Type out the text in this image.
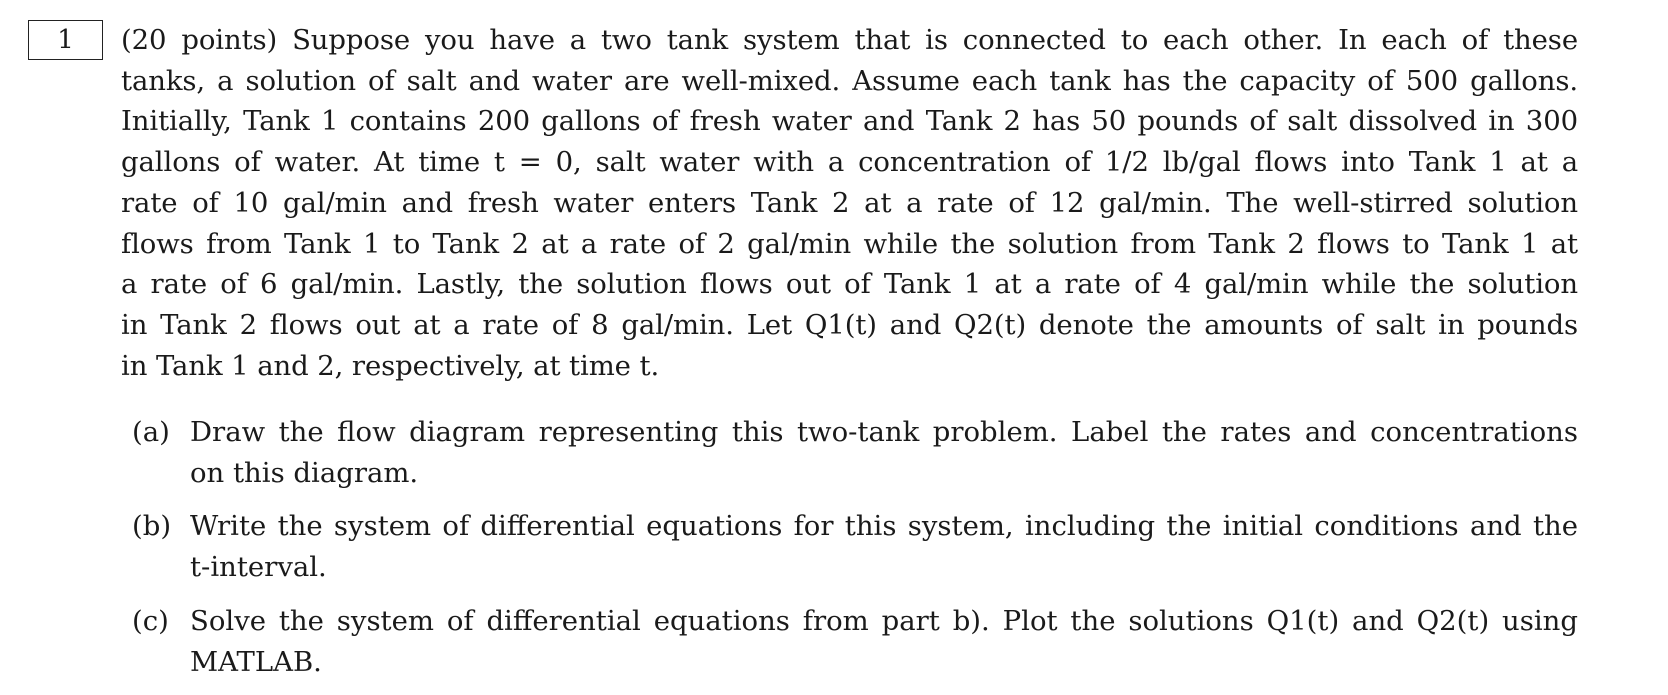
1	(20 points) Suppose you have a two tank system that is connected to each other. In each of these
tanks, a solution of salt and water are well-mixed. Assume each tank has the capacity of 500 gallons.
Initially, Tank 1 contains 200 gallons of fresh water and Tank 2 has 50 pounds of salt dissolved in 300
gallons of water. At time t = 0, salt water with a concentration of 1/2 lb/gal flows into Tank 1 at a
rate of 10 gal/min and fresh water enters Tank 2 at a rate of 12 gal/min. The well-stirred solution
flows from Tank 1 to Tank 2 at a rate of 2 gal/min while the solution from Tank 2 flows to Tank 1 at
a rate of 6 gal/min. Lastly, the solution flows out of Tank 1 at a rate of 4 gal/min while the solution
in Tank 2 flows out at a rate of 8 gal/min. Let Q1(t) and Q2(t) denote the amounts of salt in pounds
in Tank 1 and 2, respectively, at time t.
(a) Draw the flow diagram representing this two-tank problem. Label the rates and concentrations
on this diagram.
(b) Write the system of differential equations for this system, including the initial conditions and the
t-interval.
(c) Solve the system of differential equations from part b). Plot the solutions Q1(t) and Q2(t) using
MATLAB.
